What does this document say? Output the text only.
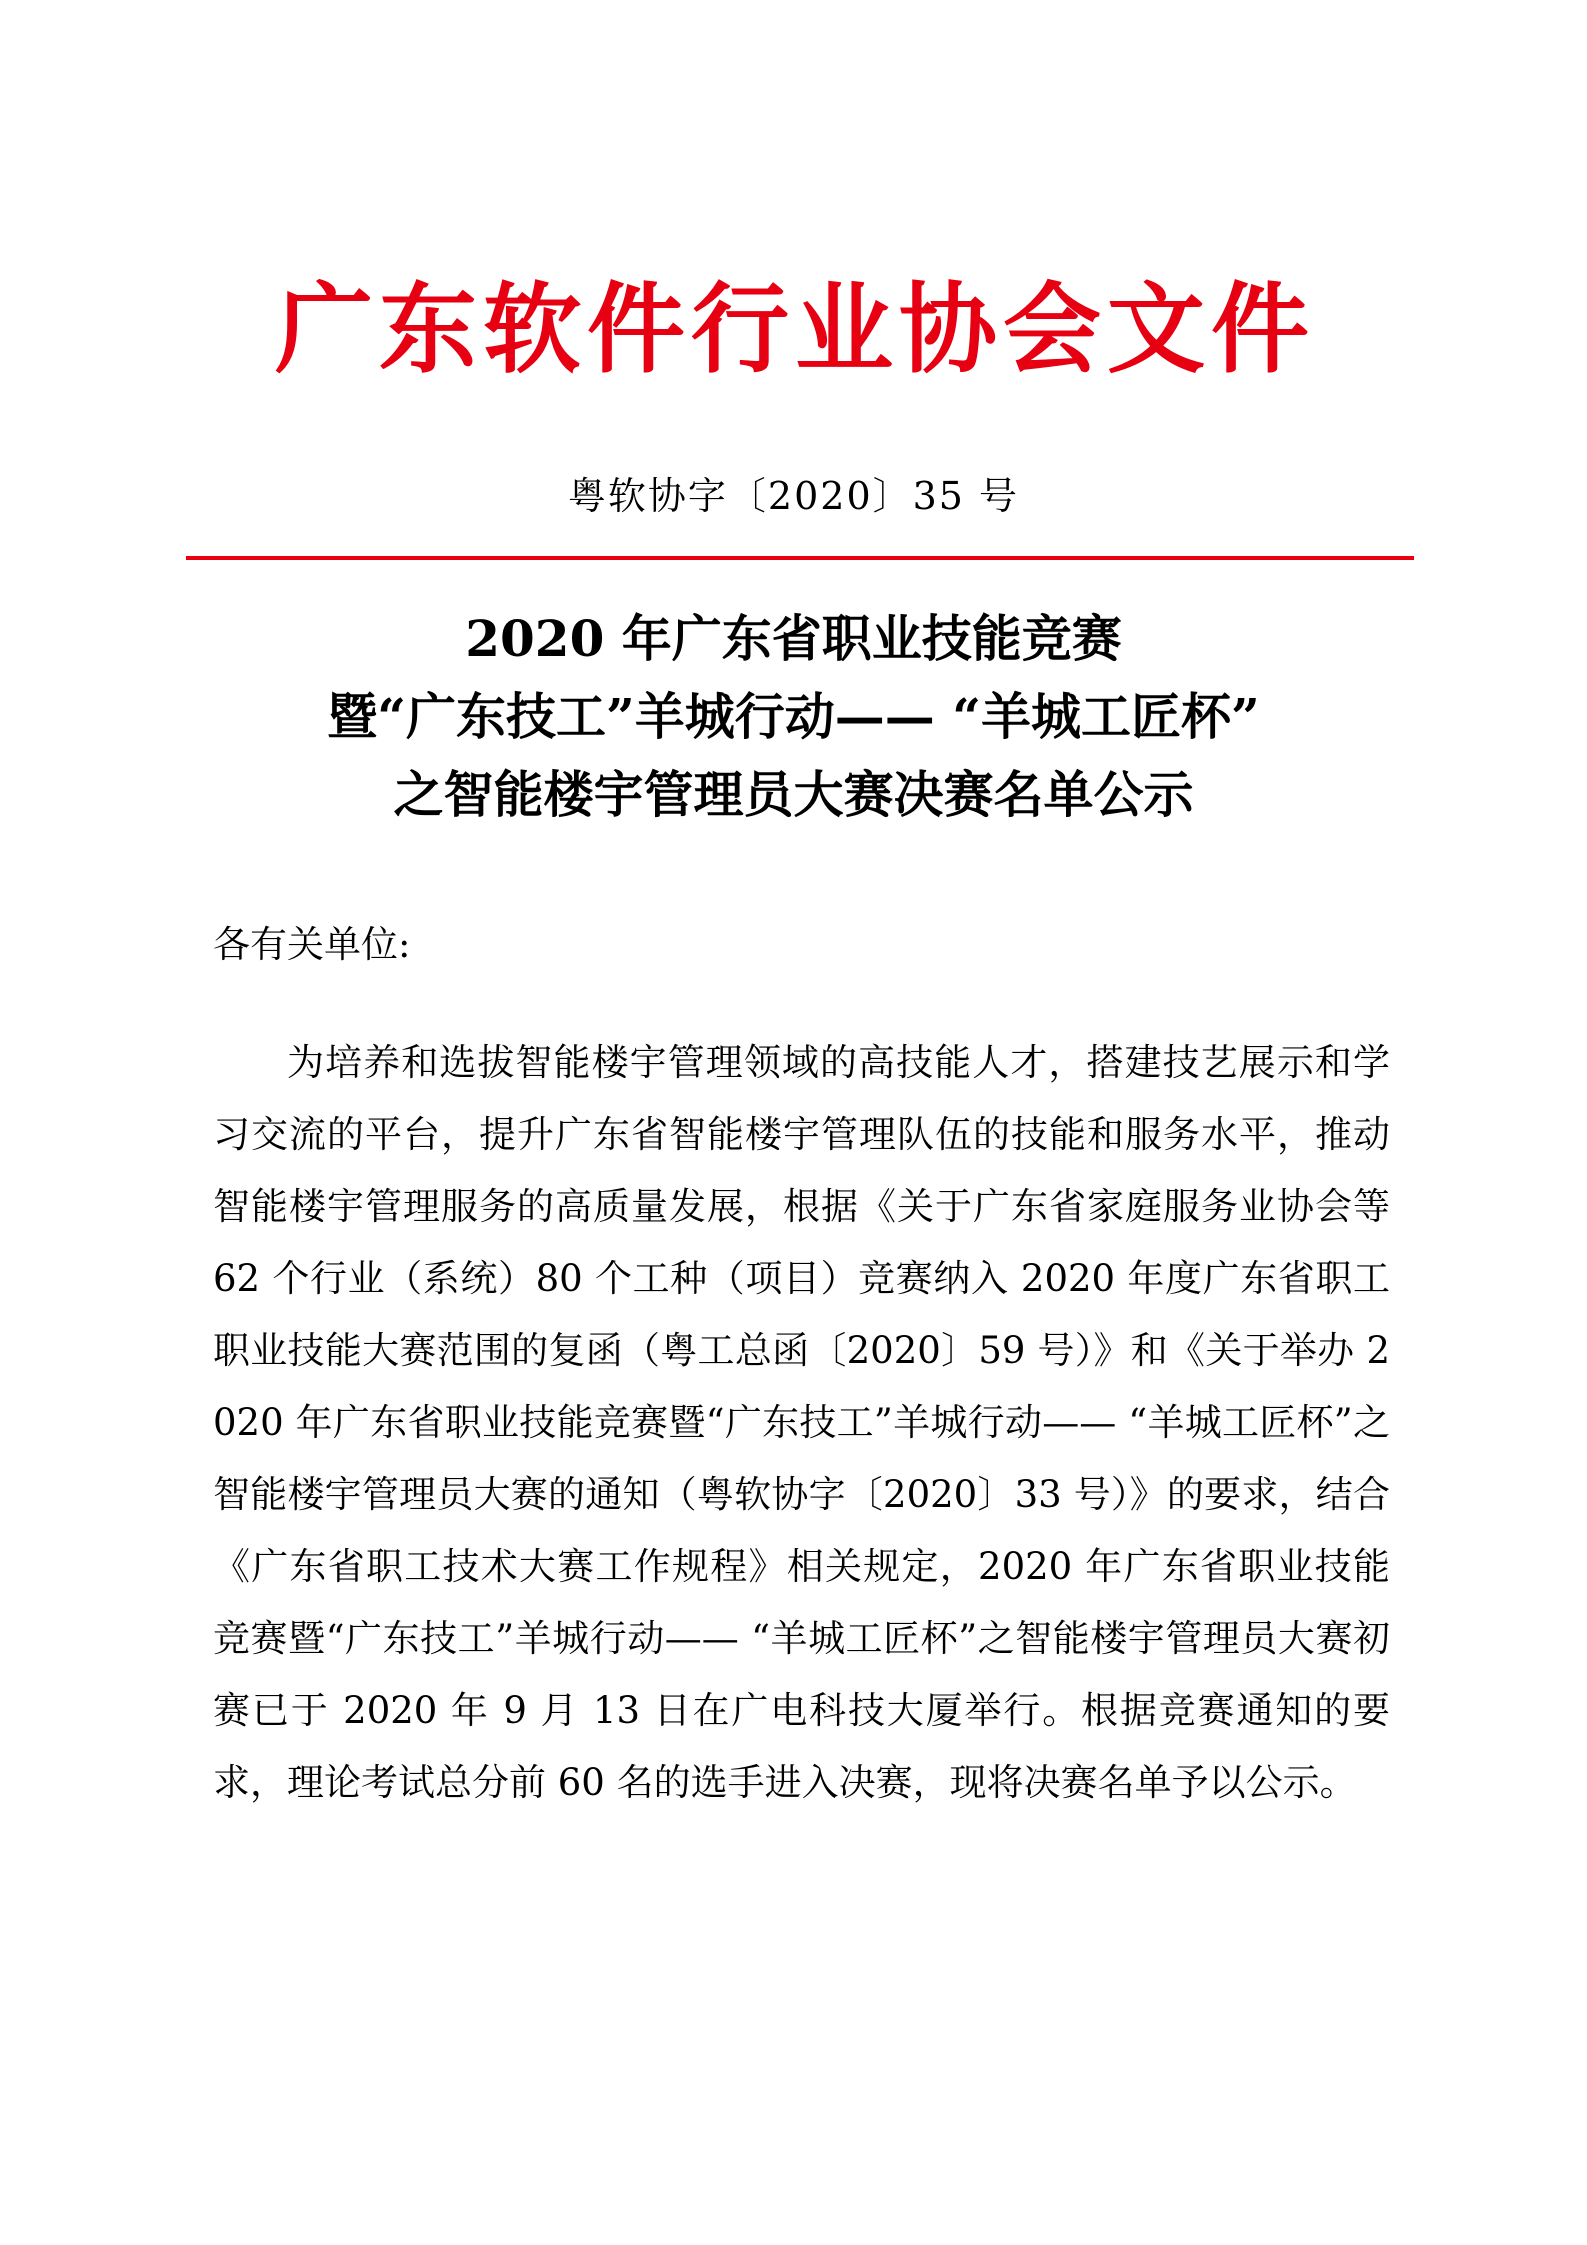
广东软件行业协会文件
粤软协字〔2020〕35 号
2020 年广东省职业技能竞赛
暨“广东技工”羊城行动—— “羊城工匠杯”
之智能楼宇管理员大赛决赛名单公示
各有关单位:

为培养和选拔智能楼宇管理领域的高技能人才，搭建技艺展示和学习交流的平台，提升广东省智能楼宇管理队伍的技能和服务水平，推动智能楼宇管理服务的高质量发展，根据《关于广东省家庭服务业协会等 62 个行业（系统）80 个工种（项目）竞赛纳入 2020 年度广东省职工职业技能大赛范围的复函（粤工总函〔2020〕59 号）》和《关于举办 2020 年广东省职业技能竞赛暨“广东技工”羊城行动—— “羊城工匠杯”之智能楼宇管理员大赛的通知（粤软协字〔2020〕33 号）》的要求，结合《广东省职工技术大赛工作规程》相关规定，2020 年广东省职业技能竞赛暨“广东技工”羊城行动—— “羊城工匠杯”之智能楼宇管理员大赛初赛已于 2020 年 9 月 13 日在广电科技大厦举行。根据竞赛通知的要求，理论考试总分前 60 名的选手进入决赛，现将决赛名单予以公示。
